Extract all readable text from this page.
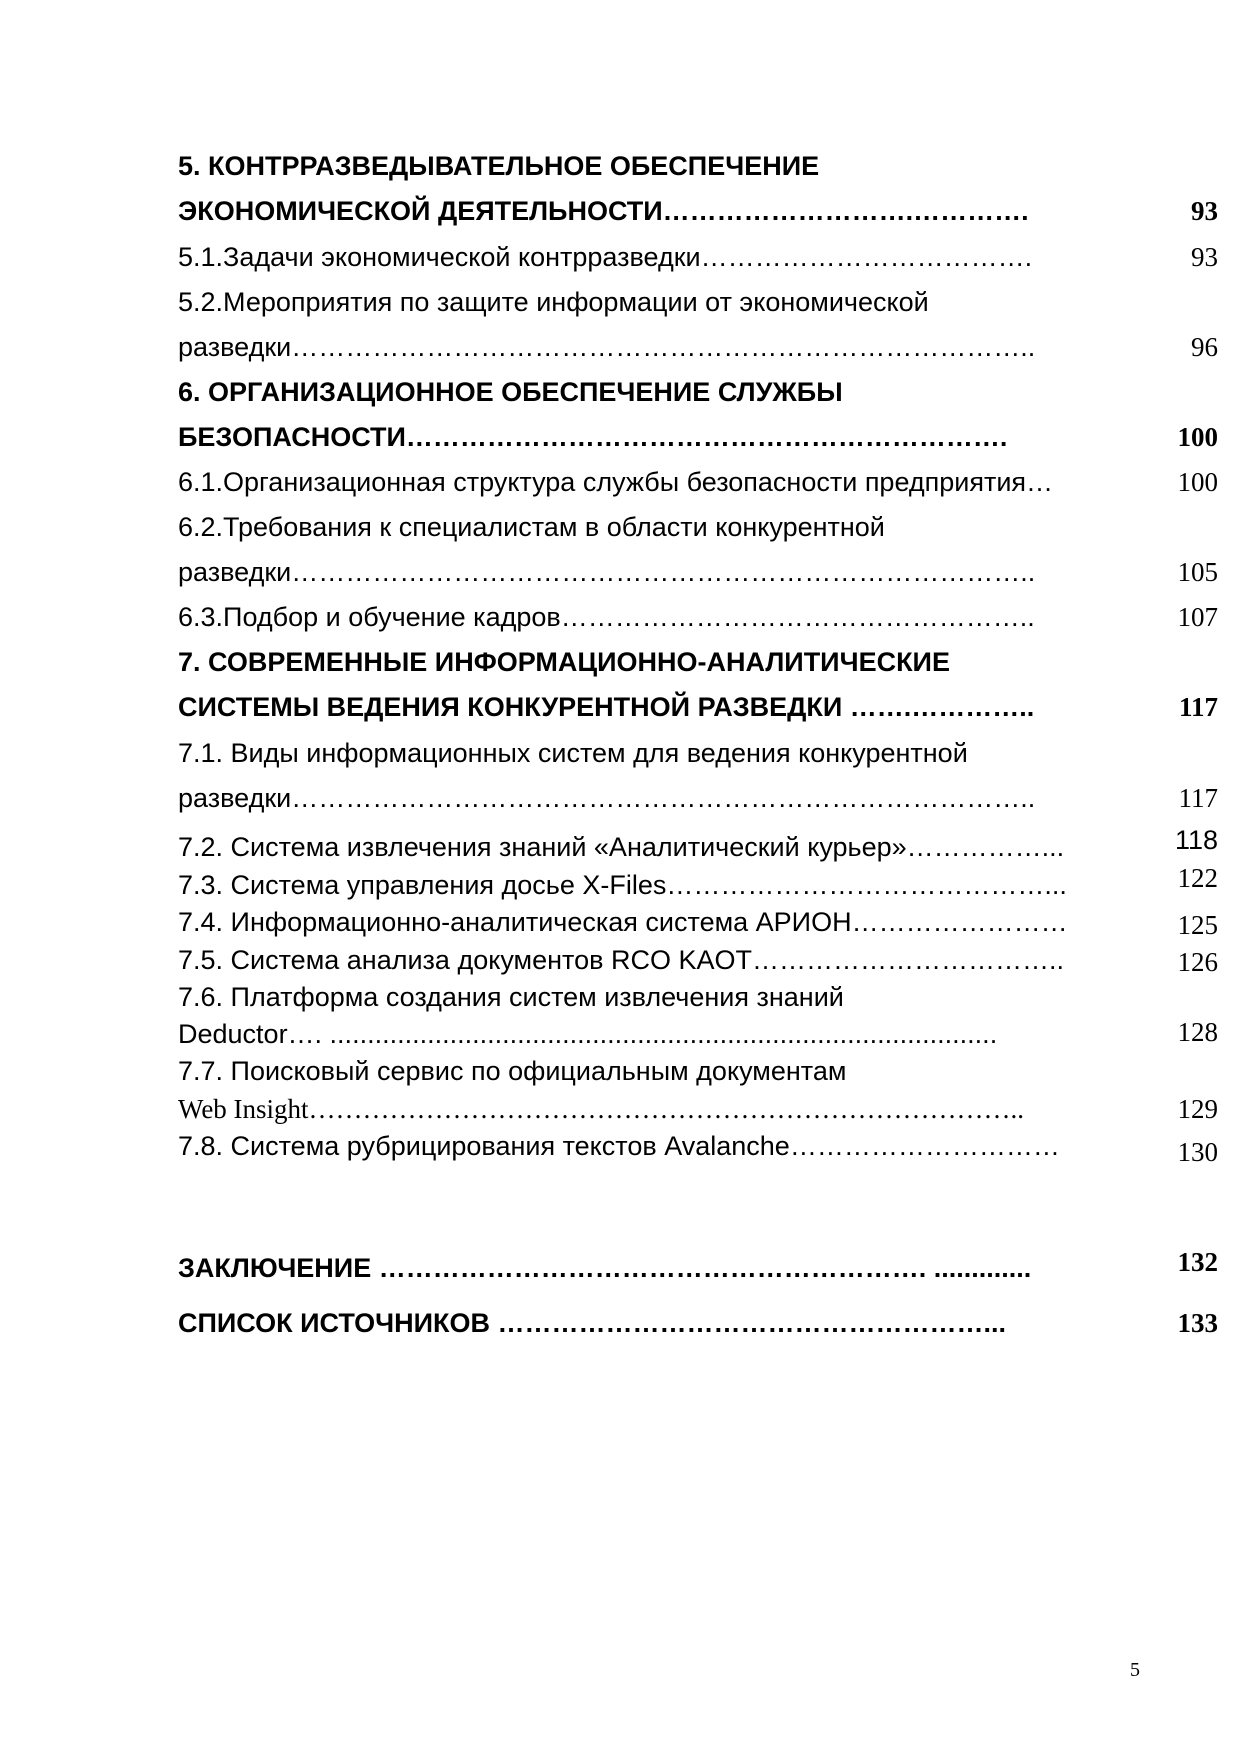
5. КОНТРРАЗВЕДЫВАТЕЛЬНОЕ ОБЕСПЕЧЕНИЕ
ЭКОНОМИЧЕСКОЙ ДЕЯТЕЛЬНОСТИ……………………….………….	93
5.1.Задачи экономической контрразведки……………………………….	93
5.2.Мероприятия по защите информации от экономической
разведки………………………………………………………………………..	96
6. ОРГАНИЗАЦИОННОЕ ОБЕСПЕЧЕНИЕ СЛУЖБЫ
БЕЗОПАСНОСТИ………………………………………………………….	100
6.1.Организационная структура службы безопасности предприятия…	100
6.2.Требования к специалистам в области конкурентной
разведки………………………………………………………………………..	105
6.3.Подбор и обучение кадров……………………………………………..	107
7. СОВРЕМЕННЫЕ ИНФОРМАЦИОННО-АНАЛИТИЧЕСКИЕ
СИСТЕМЫ ВЕДЕНИЯ КОНКУРЕНТНОЙ РАЗВЕДКИ …….…………..	117
7.1. Виды информационных систем для ведения конкурентной
разведки………………………………………………………………………..	117
7.2. Система извлечения знаний «Аналитический курьер»……………...	118
7.3. Система управления досье X-Files……………………………………...	122
7.4. Информационно-аналитическая система АРИОН……………………	125
7.5. Система анализа документов RCO KAOT……………………………..	126
7.6. Платформа создания систем извлечения знаний
Deductor…. .........................................................................................	128
7.7. Поисковый сервис по официальным документам
Web Insight……………………………………………………………………..	129
7.8. Система рубрицирования текстов Avalanche…………………………	130
ЗАКЛЮЧЕНИЕ ……………………………………………………. .............	132
СПИСОК ИСТОЧНИКОВ ………………………………………………...	133
5
